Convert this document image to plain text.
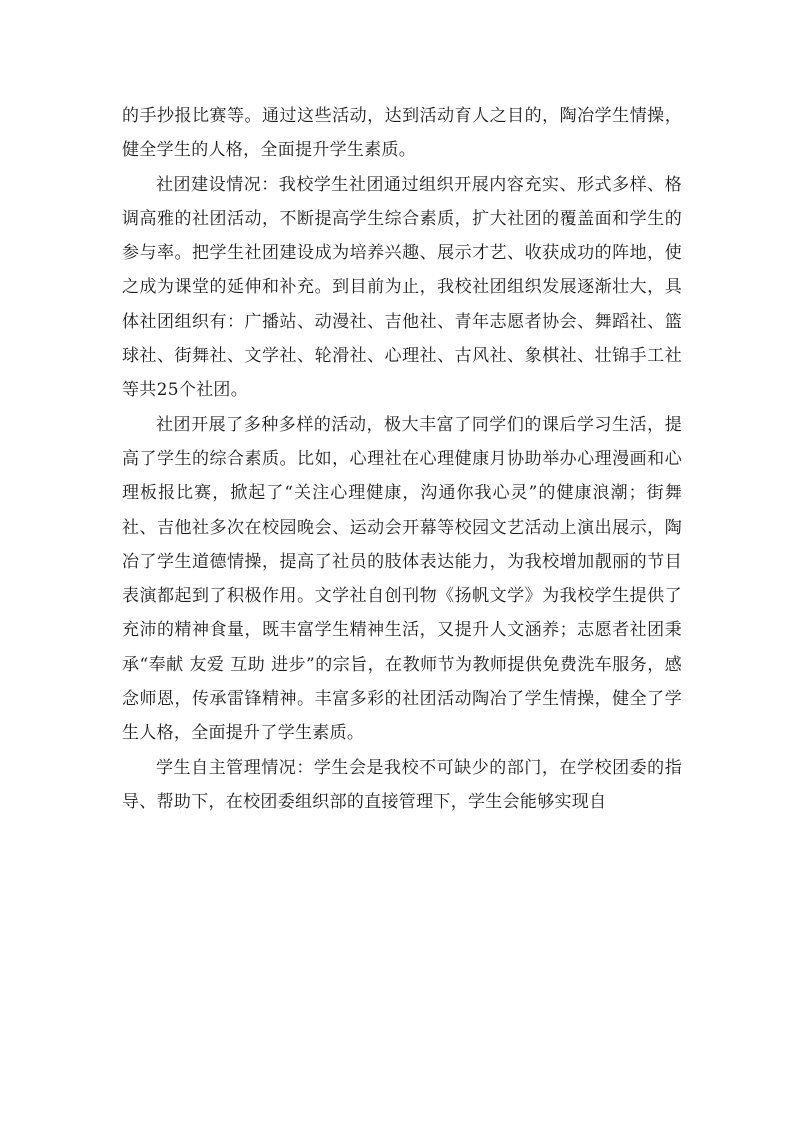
的手抄报比赛等。通过这些活动，达到活动育人之目的，陶冶学生情操，健全学生的人格，全面提升学生素质。

社团建设情况：我校学生社团通过组织开展内容充实、形式多样、格调高雅的社团活动，不断提高学生综合素质，扩大社团的覆盖面和学生的参与率。把学生社团建设成为培养兴趣、展示才艺、收获成功的阵地，使之成为课堂的延伸和补充。到目前为止，我校社团组织发展逐渐壮大，具体社团组织有：广播站、动漫社、吉他社、青年志愿者协会、舞蹈社、篮球社、街舞社、文学社、轮滑社、心理社、古风社、象棋社、壮锦手工社等共25个社团。

社团开展了多种多样的活动，极大丰富了同学们的课后学习生活，提高了学生的综合素质。比如，心理社在心理健康月协助举办心理漫画和心理板报比赛，掀起了“关注心理健康，沟通你我心灵”的健康浪潮；街舞社、吉他社多次在校园晚会、运动会开幕等校园文艺活动上演出展示，陶冶了学生道德情操，提高了社员的肢体表达能力，为我校增加靓丽的节目表演都起到了积极作用。文学社自创刊物《扬帆文学》为我校学生提供了充沛的精神食量，既丰富学生精神生活，又提升人文涵养；志愿者社团秉承“奉献 友爱 互助 进步”的宗旨，在教师节为教师提供免费洗车服务，感念师恩，传承雷锋精神。丰富多彩的社团活动陶冶了学生情操，健全了学生人格，全面提升了学生素质。

学生自主管理情况：学生会是我校不可缺少的部门，在学校团委的指导、帮助下，在校团委组织部的直接管理下，学生会能够实现自
